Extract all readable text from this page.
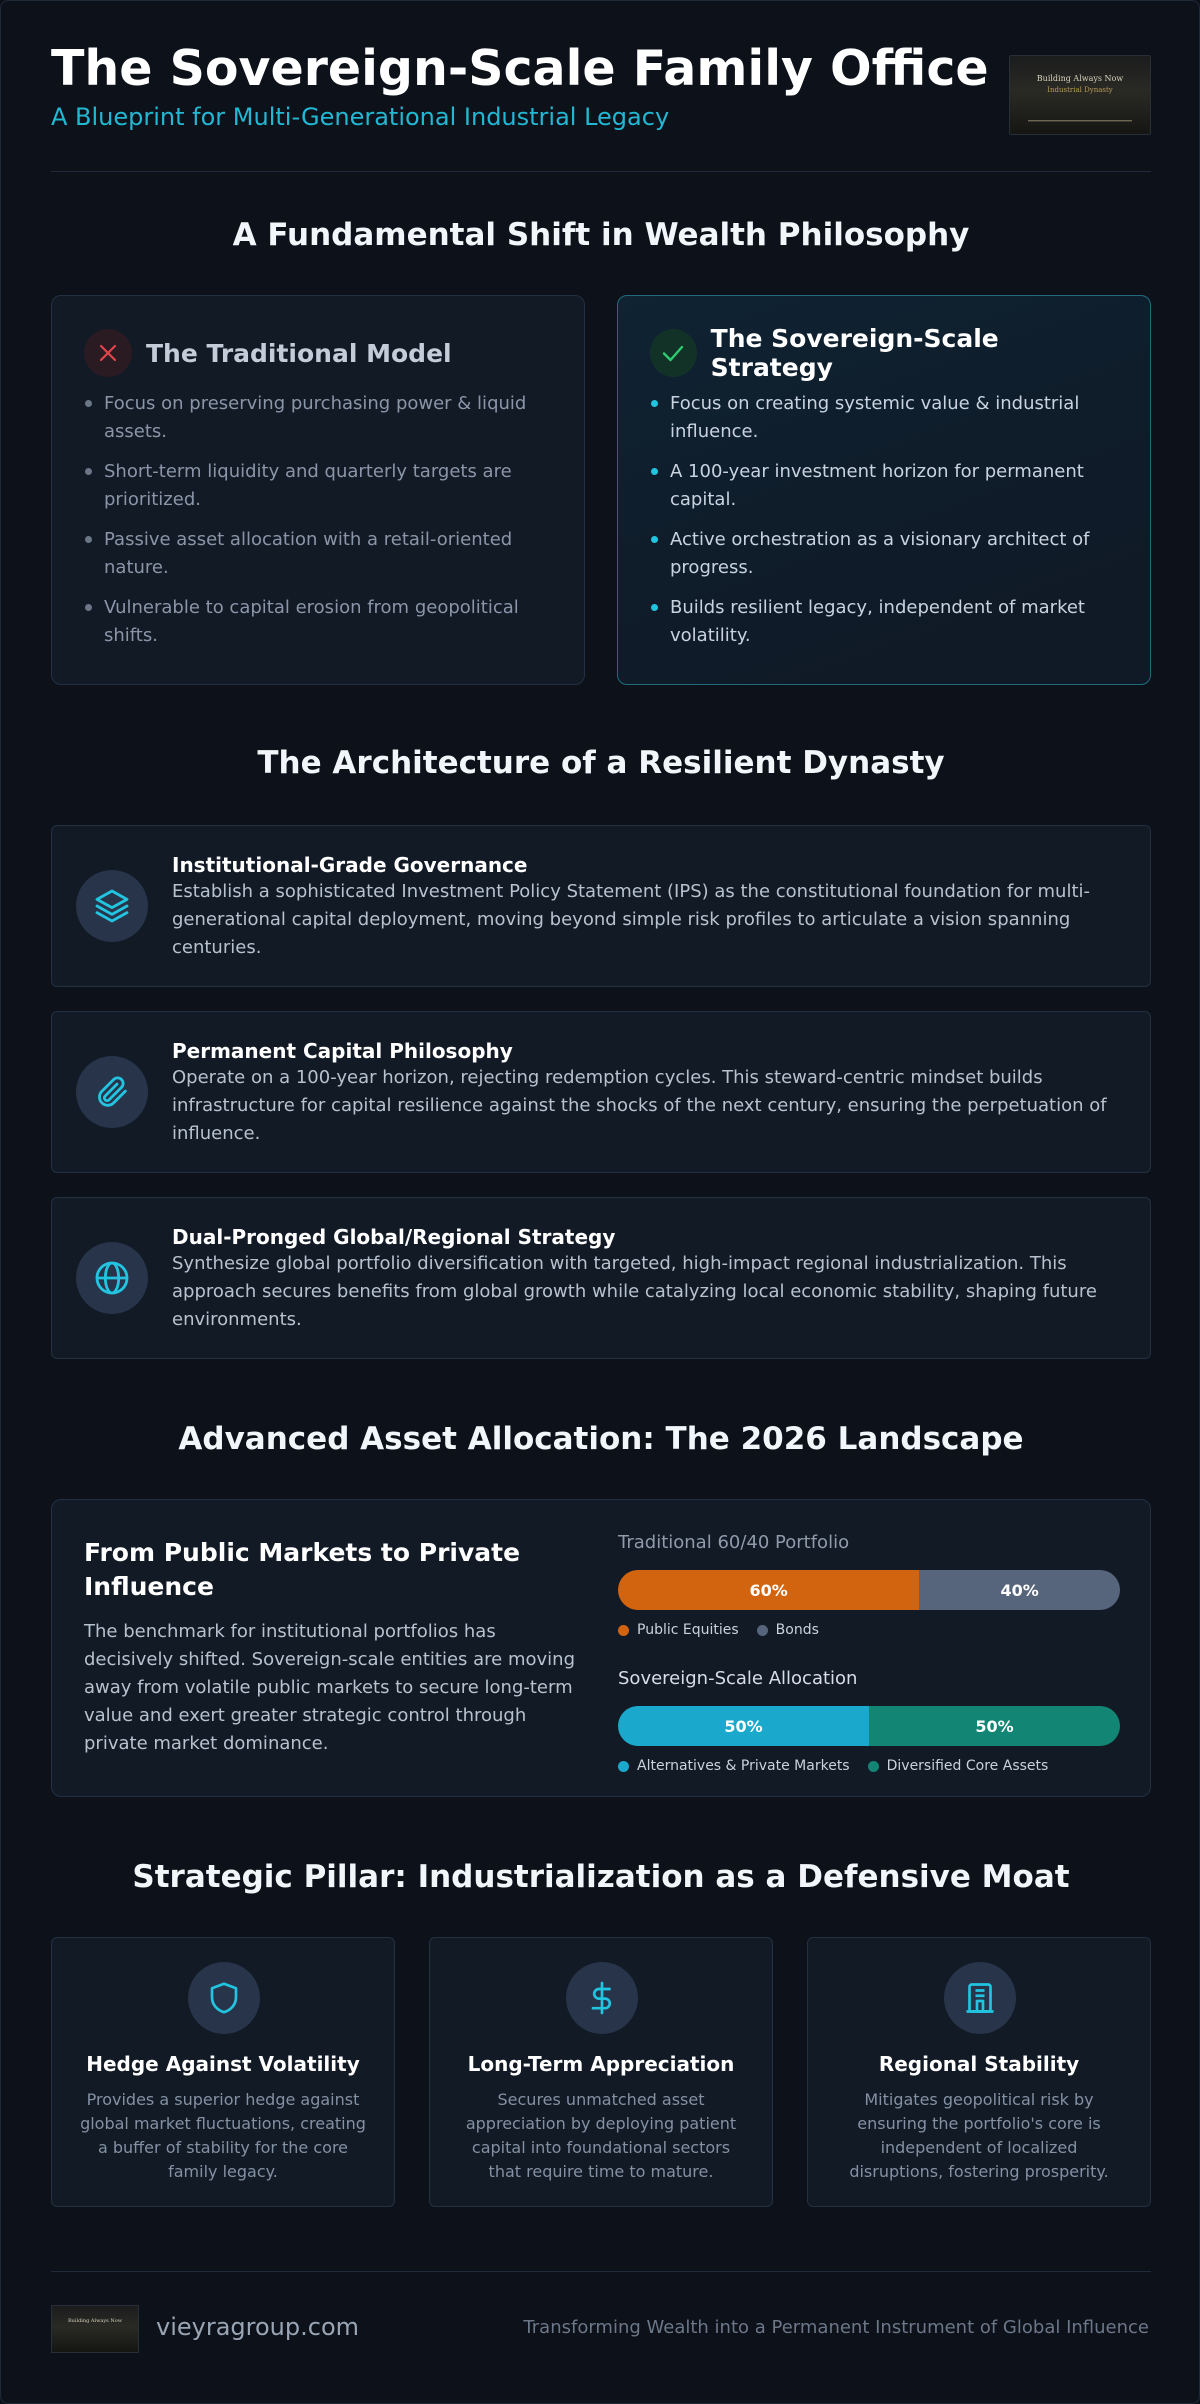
The Sovereign-Scale Family Office
A Blueprint for Multi-Generational Industrial Legacy
Building Always Now
Industrial Dynasty
A Fundamental Shift in Wealth Philosophy
The Traditional Model
Focus on preserving purchasing power & liquid assets.
Short-term liquidity and quarterly targets are prioritized.
Passive asset allocation with a retail-oriented nature.
Vulnerable to capital erosion from geopolitical shifts.
The Sovereign-Scale Strategy
Focus on creating systemic value & industrial influence.
A 100-year investment horizon for permanent capital.
Active orchestration as a visionary architect of progress.
Builds resilient legacy, independent of market volatility.
The Architecture of a Resilient Dynasty
Institutional-Grade Governance
Establish a sophisticated Investment Policy Statement (IPS) as the constitutional foundation for multi-generational capital deployment, moving beyond simple risk profiles to articulate a vision spanning centuries.
Permanent Capital Philosophy
Operate on a 100-year horizon, rejecting redemption cycles. This steward-centric mindset builds infrastructure for capital resilience against the shocks of the next century, ensuring the perpetuation of influence.
Dual-Pronged Global/Regional Strategy
Synthesize global portfolio diversification with targeted, high-impact regional industrialization. This approach secures benefits from global growth while catalyzing local economic stability, shaping future environments.
Advanced Asset Allocation: The 2026 Landscape
From Public Markets to Private Influence
The benchmark for institutional portfolios has decisively shifted. Sovereign-scale entities are moving away from volatile public markets to secure long-term value and exert greater strategic control through private market dominance.
Traditional 60/40 Portfolio
60%	40%
Public Equities	Bonds
Sovereign-Scale Allocation
50%	50%
Alternatives & Private Markets	Diversified Core Assets
Strategic Pillar: Industrialization as a Defensive Moat
Hedge Against Volatility
Provides a superior hedge against global market fluctuations, creating a buffer of stability for the core family legacy.
Long-Term Appreciation
Secures unmatched asset appreciation by deploying patient capital into foundational sectors that require time to mature.
Regional Stability
Mitigates geopolitical risk by ensuring the portfolio's core is independent of localized disruptions, fostering prosperity.
Building Always Now	vieyragroup.com	Transforming Wealth into a Permanent Instrument of Global Influence
